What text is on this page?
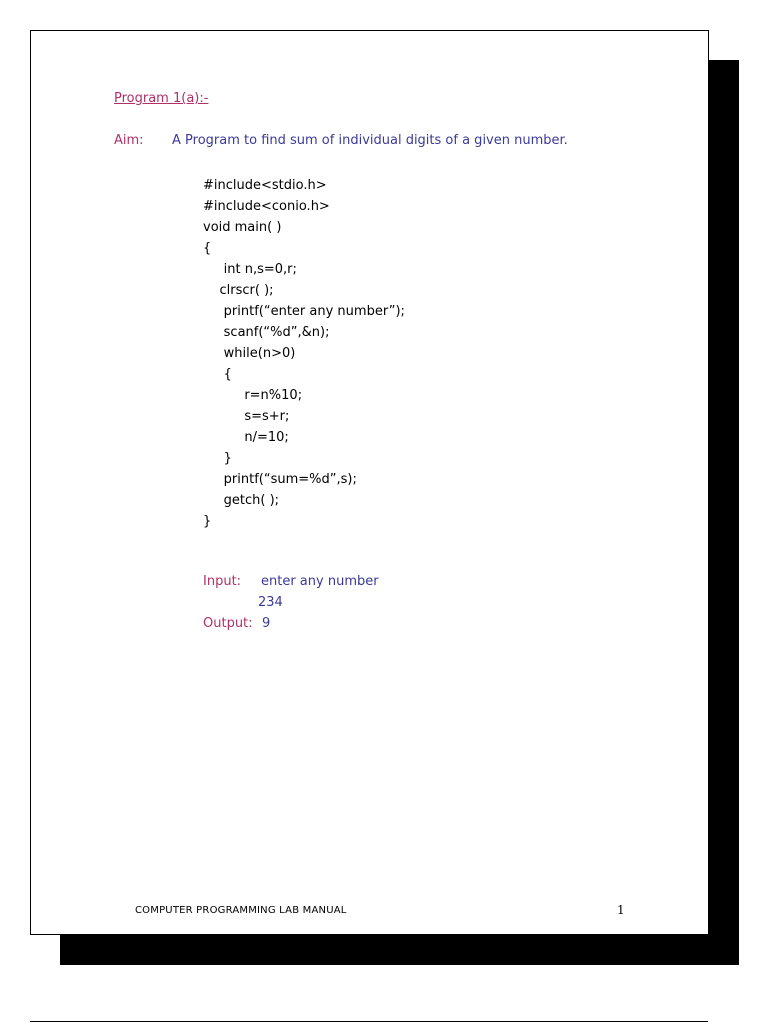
Program 1(a):-
Aim: A Program to find sum of individual digits of a given number.
#include<stdio.h>
#include<conio.h>
void main( )
{
int n,s=0,r;
clrscr( );
printf(“enter any number”);
scanf(“%d”,&n);
while(n>0)
{
r=n%10;
s=s+r;
n/=10;
}
printf(“sum=%d”,s);
getch( );
}
Input: enter any number
234
Output: 9
COMPUTER PROGRAMMING LAB MANUAL	1
